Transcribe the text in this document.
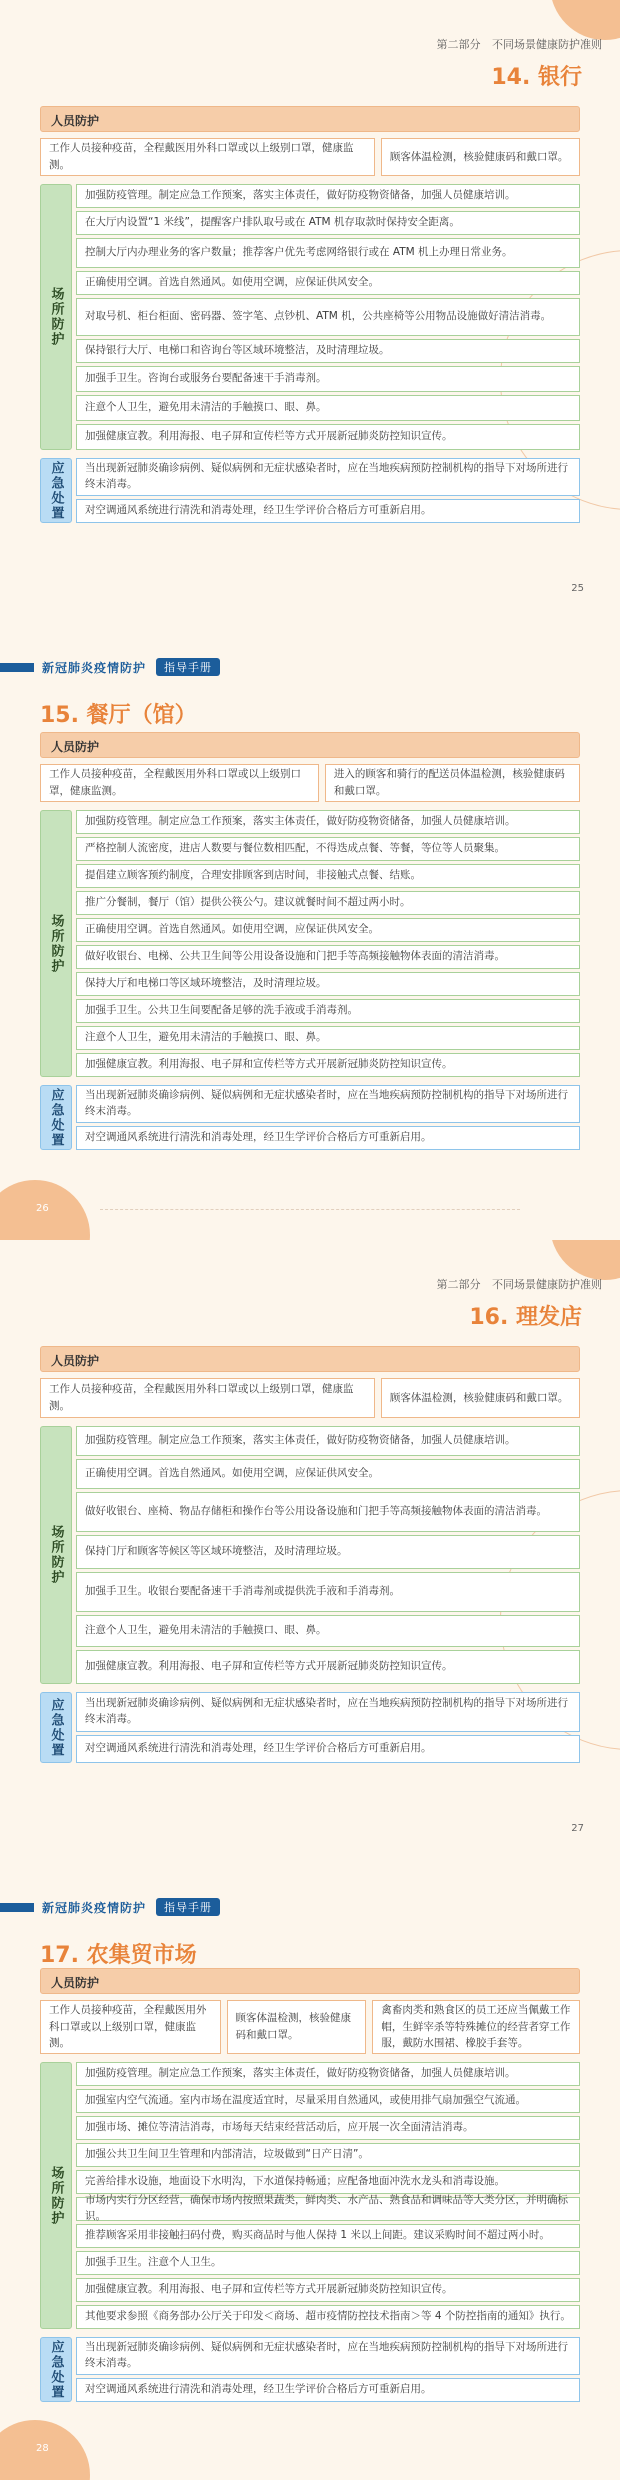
第二部分 不同场景健康防护准则
14. 银行
人员防护
工作人员接种疫苗，全程戴医用外科口罩或以上级别口罩，健康监测。
顾客体温检测，核验健康码和戴口罩。
场所防护
加强防疫管理。制定应急工作预案，落实主体责任，做好防疫物资储备，加强人员健康培训。
在大厅内设置“1 米线”，提醒客户排队取号或在 ATM 机存取款时保持安全距离。
控制大厅内办理业务的客户数量；推荐客户优先考虑网络银行或在 ATM 机上办理日常业务。
正确使用空调。首选自然通风。如使用空调，应保证供风安全。
对取号机、柜台柜面、密码器、签字笔、点钞机、ATM 机，公共座椅等公用物品设施做好清洁消毒。
保持银行大厅、电梯口和咨询台等区域环境整洁，及时清理垃圾。
加强手卫生。咨询台或服务台要配备速干手消毒剂。
注意个人卫生，避免用未清洁的手触摸口、眼、鼻。
加强健康宣教。利用海报、电子屏和宣传栏等方式开展新冠肺炎防控知识宣传。
应急处置	当出现新冠肺炎确诊病例、疑似病例和无症状感染者时，应在当地疾病预防控制机构的指导下对场所进行终末消毒。
对空调通风系统进行清洗和消毒处理，经卫生学评价合格后方可重新启用。
25
新冠肺炎疫情防护	指导手册
15. 餐厅（馆）
人员防护
工作人员接种疫苗，全程戴医用外科口罩或以上级别口罩，健康监测。
进入的顾客和骑行的配送员体温检测，核验健康码和戴口罩。
场所防护
加强防疫管理。制定应急工作预案，落实主体责任，做好防疫物资储备，加强人员健康培训。
严格控制人流密度，进店人数要与餐位数相匹配，不得迭成点餐、等餐，等位等人员聚集。
提倡建立顾客预约制度，合理安排顾客到店时间，非接触式点餐、结账。
推广分餐制，餐厅（馆）提供公筷公勺。建议就餐时间不超过两小时。
正确使用空调。首选自然通风。如使用空调，应保证供风安全。
做好收银台、电梯、公共卫生间等公用设备设施和门把手等高频接触物体表面的清洁消毒。
保持大厅和电梯口等区域环境整洁，及时清理垃圾。
加强手卫生。公共卫生间要配备足够的洗手液或手消毒剂。
注意个人卫生，避免用未清洁的手触摸口、眼、鼻。
加强健康宣教。利用海报、电子屏和宣传栏等方式开展新冠肺炎防控知识宣传。
应急处置	当出现新冠肺炎确诊病例、疑似病例和无症状感染者时，应在当地疾病预防控制机构的指导下对场所进行终末消毒。
对空调通风系统进行清洗和消毒处理，经卫生学评价合格后方可重新启用。
26
第二部分 不同场景健康防护准则
16. 理发店
人员防护
工作人员接种疫苗，全程戴医用外科口罩或以上级别口罩，健康监测。
顾客体温检测，核验健康码和戴口罩。
场所防护
加强防疫管理。制定应急工作预案，落实主体责任，做好防疫物资储备，加强人员健康培训。
正确使用空调。首选自然通风。如使用空调，应保证供风安全。
做好收银台、座椅、物品存储柜和操作台等公用设备设施和门把手等高频接触物体表面的清洁消毒。
保持门厅和顾客等候区等区域环境整洁，及时清理垃圾。
加强手卫生。收银台要配备速干手消毒剂或提供洗手液和手消毒剂。
注意个人卫生，避免用未清洁的手触摸口、眼、鼻。
加强健康宣教。利用海报、电子屏和宣传栏等方式开展新冠肺炎防控知识宣传。
应急处置	当出现新冠肺炎确诊病例、疑似病例和无症状感染者时，应在当地疾病预防控制机构的指导下对场所进行终末消毒。
对空调通风系统进行清洗和消毒处理，经卫生学评价合格后方可重新启用。
27
新冠肺炎疫情防护	指导手册
17. 农集贸市场
人员防护
工作人员接种疫苗，全程戴医用外科口罩或以上级别口罩，健康监测。
顾客体温检测，核验健康码和戴口罩。
禽畜肉类和熟食区的员工还应当佩戴工作帽，生鲜宰杀等特殊摊位的经营者穿工作服，戴防水围裙、橡胶手套等。
场所防护
加强防疫管理。制定应急工作预案，落实主体责任，做好防疫物资储备，加强人员健康培训。
加强室内空气流通。室内市场在温度适宜时，尽量采用自然通风，或使用排气扇加强空气流通。
加强市场、摊位等清洁消毒，市场每天结束经营活动后，应开展一次全面清洁消毒。
加强公共卫生间卫生管理和内部清洁，垃圾做到“日产日清”。
完善给排水设施，地面设下水明沟，下水道保持畅通；应配备地面冲洗水龙头和消毒设施。
市场内实行分区经营，确保市场内按照果蔬类，鲜肉类、水产品、熟食品和调味品等大类分区，并明确标识。
推荐顾客采用非接触扫码付费，购买商品时与他人保持 1 米以上间距。建议采购时间不超过两小时。
加强手卫生。注意个人卫生。
加强健康宣教。利用海报、电子屏和宣传栏等方式开展新冠肺炎防控知识宣传。
其他要求参照《商务部办公厅关于印发＜商场、超市疫情防控技术指南＞等 4 个防控指南的通知》执行。
应急处置	当出现新冠肺炎确诊病例、疑似病例和无症状感染者时，应在当地疾病预防控制机构的指导下对场所进行终末消毒。
对空调通风系统进行清洗和消毒处理，经卫生学评价合格后方可重新启用。
28
